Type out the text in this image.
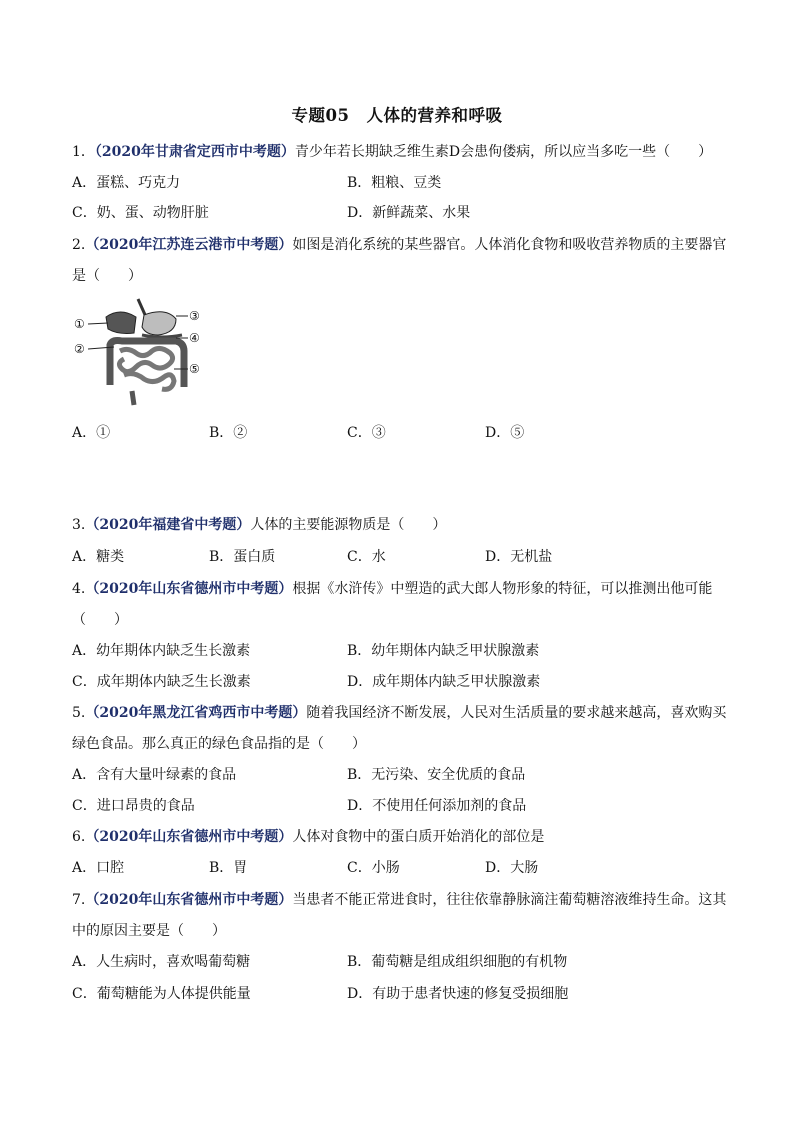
专题05　人体的营养和呼吸
1．（2020年甘肃省定西市中考题）青少年若长期缺乏维生素D会患佝偻病，所以应当多吃一些（　　）
A．蛋糕、巧克力	B．粗粮、豆类
C．奶、蛋、动物肝脏	D．新鲜蔬菜、水果
2.（2020年江苏连云港市中考题）如图是消化系统的某些器官。人体消化食物和吸收营养物质的主要器官
是（　　）
①
②
③
④
⑤
A．①	B．②	C．③	D．⑤
3.（2020年福建省中考题）人体的主要能源物质是（　　）
A．糖类	B．蛋白质	C．水	D．无机盐
4.（2020年山东省德州市中考题）根据《水浒传》中塑造的武大郎人物形象的特征，可以推测出他可能
（　　）
A．幼年期体内缺乏生长激素	B．幼年期体内缺乏甲状腺激素
C．成年期体内缺乏生长激素	D．成年期体内缺乏甲状腺激素
5.（2020年黑龙江省鸡西市中考题）随着我国经济不断发展，人民对生活质量的要求越来越高，喜欢购买
绿色食品。那么真正的绿色食品指的是（　　）
A．含有大量叶绿素的食品	B．无污染、安全优质的食品
C．进口昂贵的食品	D．不使用任何添加剂的食品
6.（2020年山东省德州市中考题）人体对食物中的蛋白质开始消化的部位是
A．口腔	B．胃	C．小肠	D．大肠
7.（2020年山东省德州市中考题）当患者不能正常进食时，往往依靠静脉滴注葡萄糖溶液维持生命。这其
中的原因主要是（　　）
A．人生病时，喜欢喝葡萄糖	B．葡萄糖是组成组织细胞的有机物
C．葡萄糖能为人体提供能量	D．有助于患者快速的修复受损细胞
